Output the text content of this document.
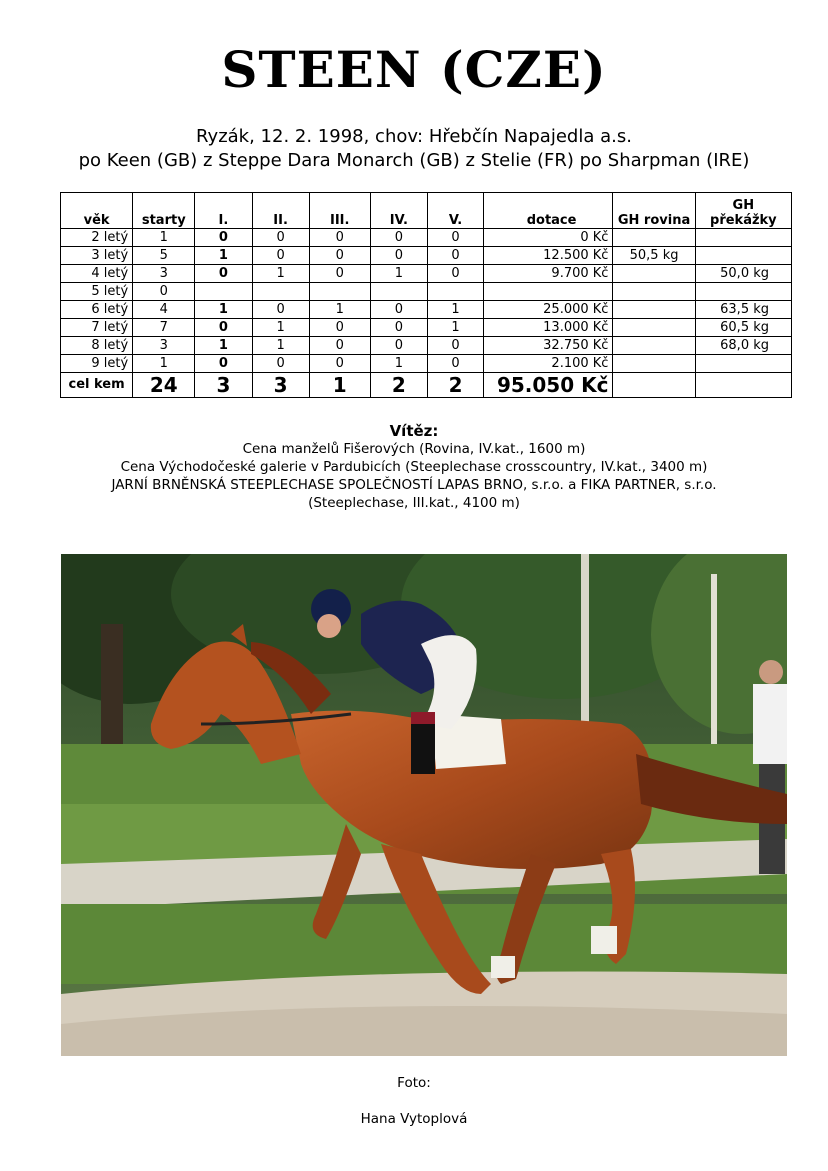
STEEN (CZE)
Ryzák, 12. 2. 1998, chov: Hřebčín Napajedla a.s.
po Keen (GB) z Steppe Dara Monarch (GB) z Stelie (FR) po Sharpman (IRE)
věk	starty	I.	II.	III.	IV.	V.	dotace	GH rovina	GH překážky
2 letý	1	0	0	0	0	0	0 Kč		
3 letý	5	1	0	0	0	0	12.500 Kč	50,5 kg	
4 letý	3	0	1	0	1	0	9.700 Kč		50,0 kg
5 letý	0								
6 letý	4	1	0	1	0	1	25.000 Kč		63,5 kg
7 letý	7	0	1	0	0	1	13.000 Kč		60,5 kg
8 letý	3	1	1	0	0	0	32.750 Kč		68,0 kg
9 letý	1	0	0	0	1	0	2.100 Kč		
cel kem	24	3	3	1	2	2	95.050 Kč		
Vítěz:
Cena manželů Fišerových (Rovina, IV.kat., 1600 m)
Cena Východočeské galerie v Pardubicích (Steeplechase crosscountry, IV.kat., 3400 m)
JARNÍ BRNĚNSKÁ STEEPLECHASE SPOLEČNOSTÍ LAPAS BRNO, s.r.o. a FIKA PARTNER, s.r.o.
(Steeplechase, III.kat., 4100 m)
Foto:
Hana Vytoplová
